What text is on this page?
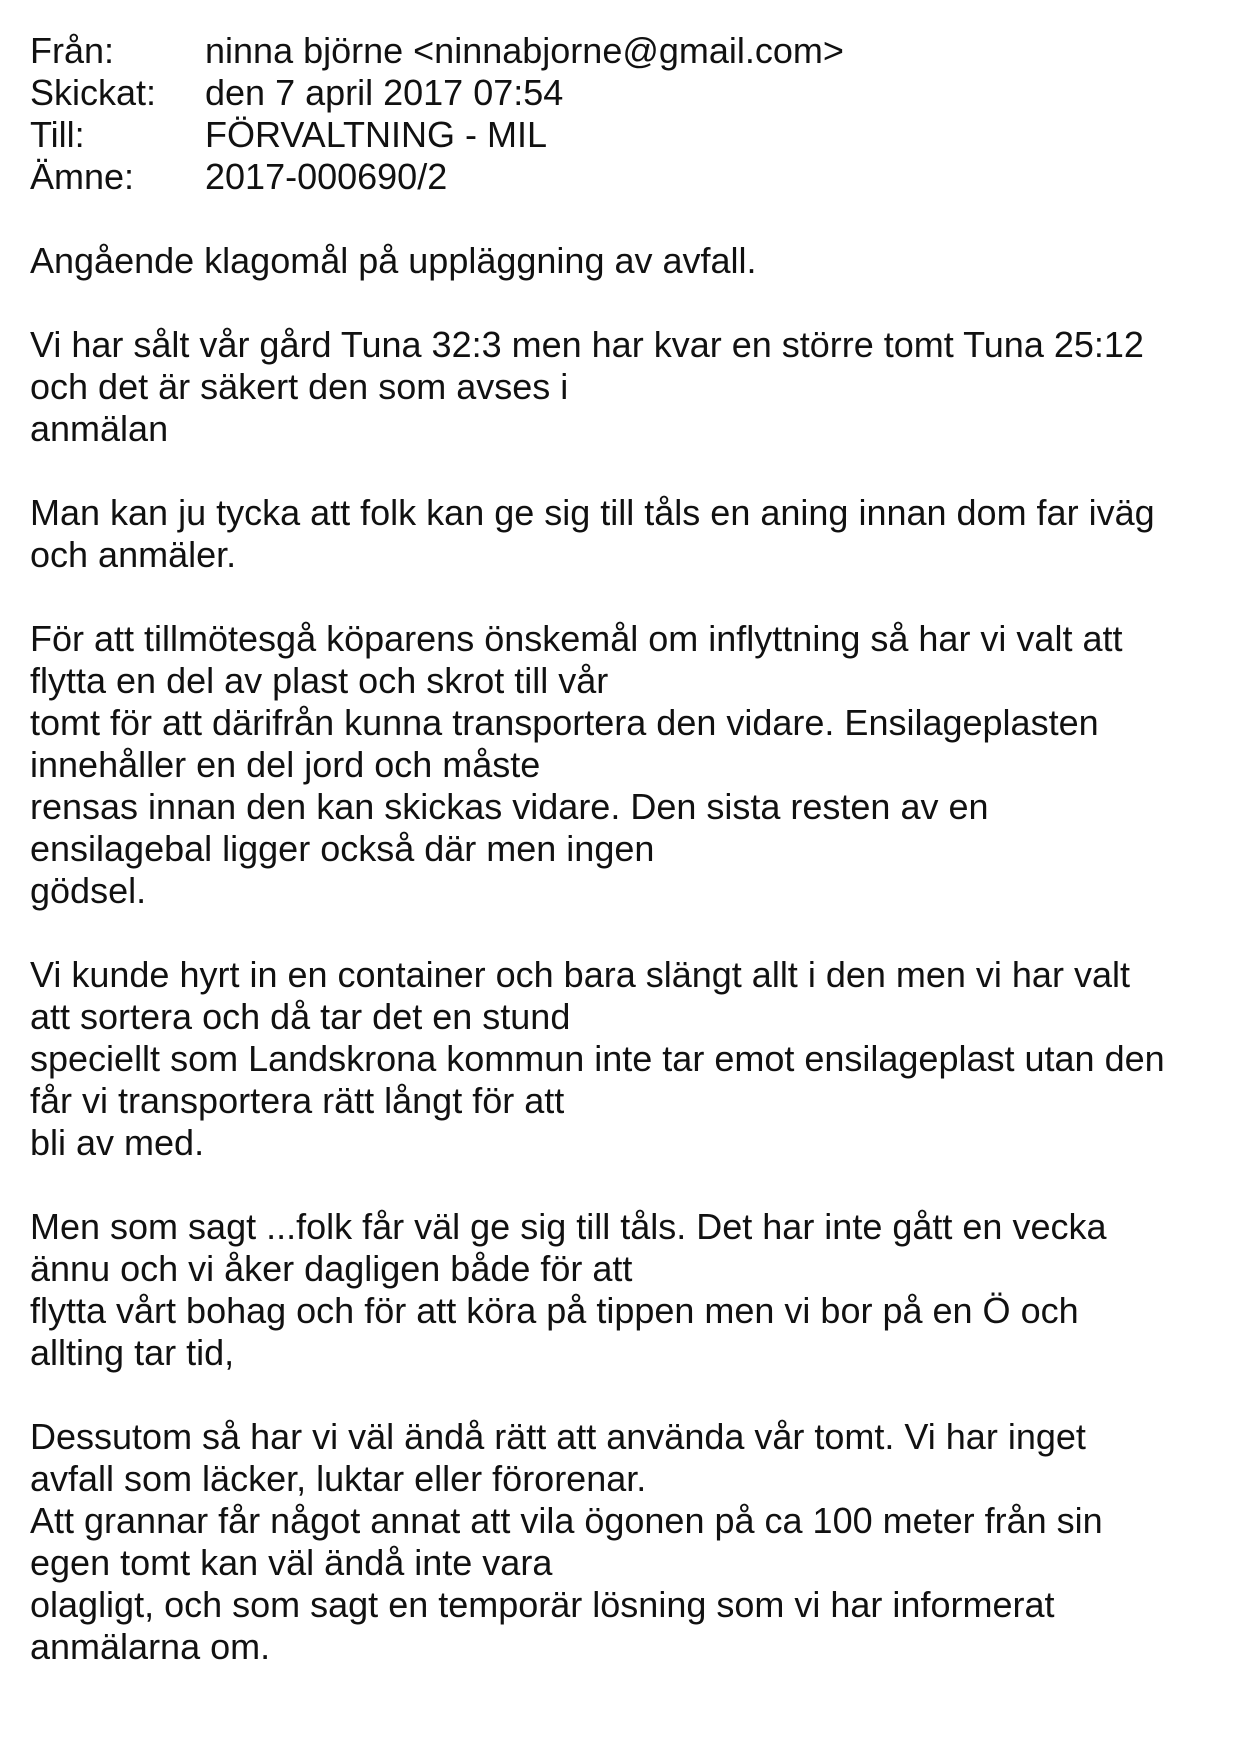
Från:	ninna björne <ninnabjorne@gmail.com>
Skickat:	den 7 april 2017 07:54
Till:	FÖRVALTNING - MIL
Ämne:	2017-000690/2
Angående klagomål på uppläggning av avfall.
Vi har sålt vår gård Tuna 32:3 men har kvar en större tomt Tuna 25:12
och det är säkert den som avses i
anmälan
Man kan ju tycka att folk kan ge sig till tåls en aning innan dom far iväg
och anmäler.
För att tillmötesgå köparens önskemål om inflyttning så har vi valt att
flytta en del av plast och skrot till vår
tomt för att därifrån kunna transportera den vidare. Ensilageplasten
innehåller en del jord och måste
rensas innan den kan skickas vidare. Den sista resten av en
ensilagebal ligger också där men ingen
gödsel.
Vi kunde hyrt in en container och bara slängt allt i den men vi har valt
att sortera och då tar det en stund
speciellt som Landskrona kommun inte tar emot ensilageplast utan den
får vi transportera rätt långt för att
bli av med.
Men som sagt ...folk får väl ge sig till tåls. Det har inte gått en vecka
ännu och vi åker dagligen både för att
flytta vårt bohag och för att köra på tippen men vi bor på en Ö och
allting tar tid,
Dessutom så har vi väl ändå rätt att använda vår tomt. Vi har inget
avfall som läcker, luktar eller förorenar.
Att grannar får något annat att vila ögonen på ca 100 meter från sin
egen tomt kan väl ändå inte vara
olagligt, och som sagt en temporär lösning som vi har informerat
anmälarna om.
